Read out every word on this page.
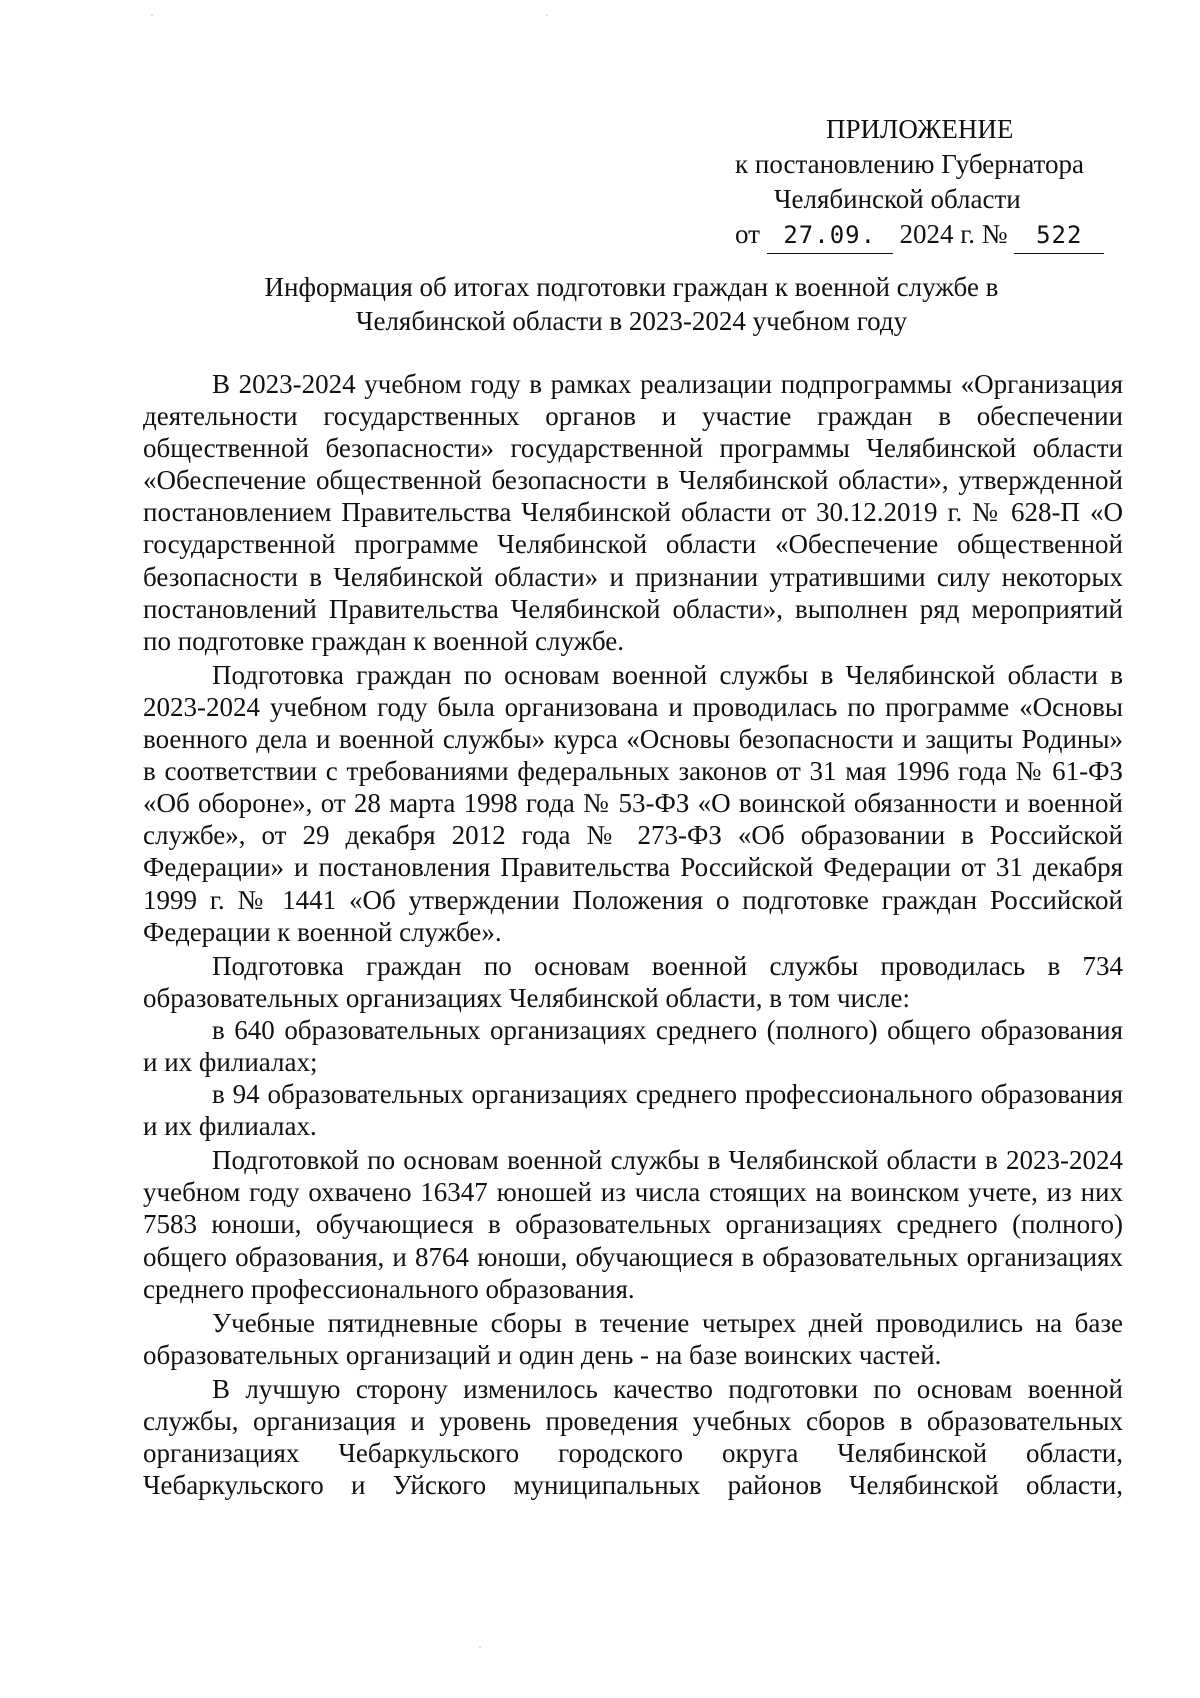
ПРИЛОЖЕНИЕ
к постановлению Губернатора
Челябинской области
от 27.09. 2024 г. № 522
Информация об итогах подготовки граждан к военной службе в
Челябинской области в 2023-2024 учебном году

В 2023-2024 учебном году в рамках реализации подпрограммы «Организация деятельности государственных органов и участие граждан в обеспечении общественной безопасности» государственной программы Челябинской области «Обеспечение общественной безопасности в Челябинской области», утвержденной постановлением Правительства Челябинской области от 30.12.2019 г. № 628-П «О государственной программе Челябинской области «Обеспечение общественной безопасности в Челябинской области» и признании утратившими силу некоторых постановлений Правительства Челябинской области», выполнен ряд мероприятий по подготовке граждан к военной службе.

Подготовка граждан по основам военной службы в Челябинской области в 2023-2024 учебном году была организована и проводилась по программе «Основы военного дела и военной службы» курса «Основы безопасности и защиты Родины» в соответствии с требованиями федеральных законов от 31 мая 1996 года № 61-ФЗ «Об обороне», от 28 марта 1998 года № 53-ФЗ «О воинской обязанности и военной службе», от 29 декабря 2012 года № 273-ФЗ «Об образовании в Российской Федерации» и постановления Правительства Российской Федерации от 31 декабря 1999 г. № 1441 «Об утверждении Положения о подготовке граждан Российской Федерации к военной службе».

Подготовка граждан по основам военной службы проводилась в 734 образовательных организациях Челябинской области, в том числе:

в 640 образовательных организациях среднего (полного) общего образования и их филиалах;

в 94 образовательных организациях среднего профессионального образования и их филиалах.

Подготовкой по основам военной службы в Челябинской области в 2023-2024 учебном году охвачено 16347 юношей из числа стоящих на воинском учете, из них 7583 юноши, обучающиеся в образовательных организациях среднего (полного) общего образования, и 8764 юноши, обучающиеся в образовательных организациях среднего профессионального образования.

Учебные пятидневные сборы в течение четырех дней проводились на базе образовательных организаций и один день - на базе воинских частей.

В лучшую сторону изменилось качество подготовки по основам военной службы, организация и уровень проведения учебных сборов в образовательных организациях Чебаркульского городского округа Челябинской области, Чебаркульского и Уйского муниципальных районов Челябинской области,

·	·
·
